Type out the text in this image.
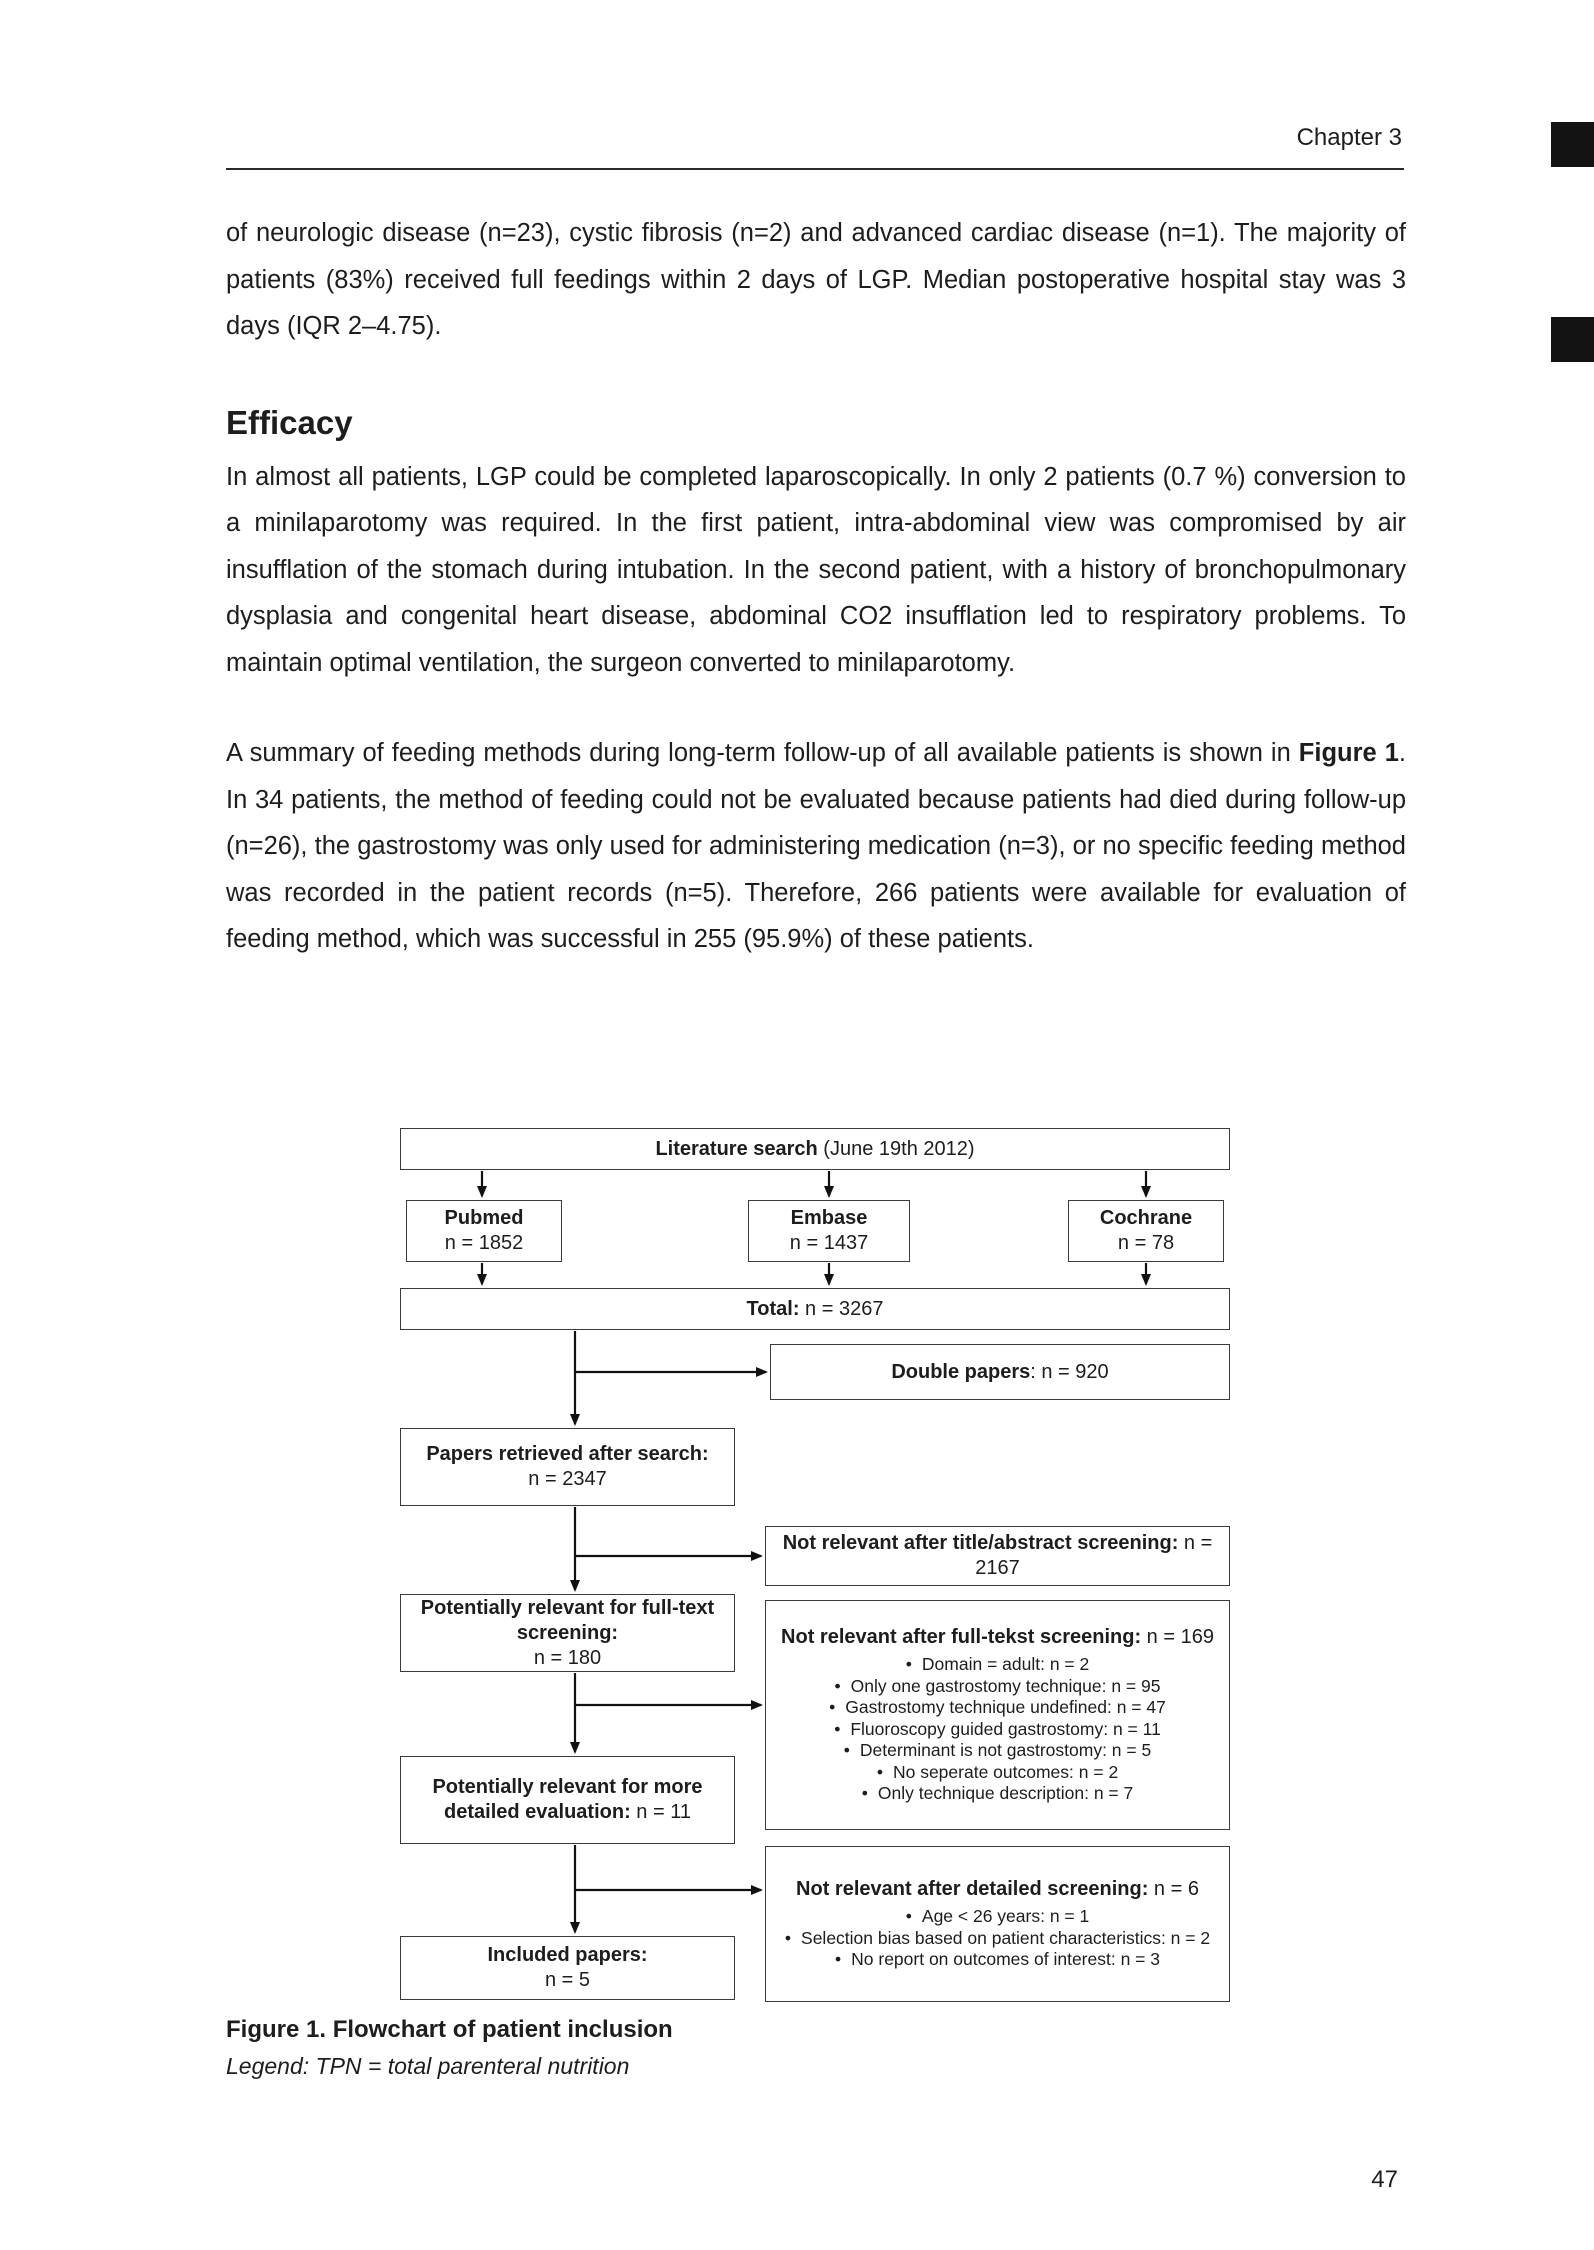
Chapter 3

of neurologic disease (n=23), cystic fibrosis (n=2) and advanced cardiac disease (n=1). The majority of patients (83%) received full feedings within 2 days of LGP. Median postoperative hospital stay was 3 days (IQR 2–4.75).

Efficacy

In almost all patients, LGP could be completed laparoscopically. In only 2 patients (0.7 %) conversion to a minilaparotomy was required. In the first patient, intra-abdominal view was compromised by air insufflation of the stomach during intubation. In the second patient, with a history of bronchopulmonary dysplasia and congenital heart disease, abdominal CO2 insufflation led to respiratory problems. To maintain optimal ventilation, the surgeon converted to minilaparotomy.

A summary of feeding methods during long-term follow-up of all available patients is shown in Figure 1. In 34 patients, the method of feeding could not be evaluated because patients had died during follow-up (n=26), the gastrostomy was only used for administering medication (n=3), or no specific feeding method was recorded in the patient records (n=5). Therefore, 266 patients were available for evaluation of feeding method, which was successful in 255 (95.9%) of these patients.

Literature search (June 19th 2012)
Pubmed
n = 1852
Embase
n = 1437
Cochrane
n = 78
Total: n = 3267
Double papers: n = 920
Papers retrieved after search:
n = 2347
Not relevant after title/abstract screening: n = 2167
Potentially relevant for full-text screening:
n = 180
Not relevant after full-tekst screening: n = 169
• Domain = adult: n = 2
• Only one gastrostomy technique: n = 95
• Gastrostomy technique undefined: n = 47
• Fluoroscopy guided gastrostomy: n = 11
• Determinant is not gastrostomy: n = 5
• No seperate outcomes: n = 2
• Only technique description: n = 7
Potentially relevant for more detailed evaluation: n = 11
Not relevant after detailed screening: n = 6
• Age < 26 years: n = 1
• Selection bias based on patient characteristics: n = 2
• No report on outcomes of interest: n = 3
Included papers:
n = 5
Figure 1. Flowchart of patient inclusion
Legend: TPN = total parenteral nutrition
47
